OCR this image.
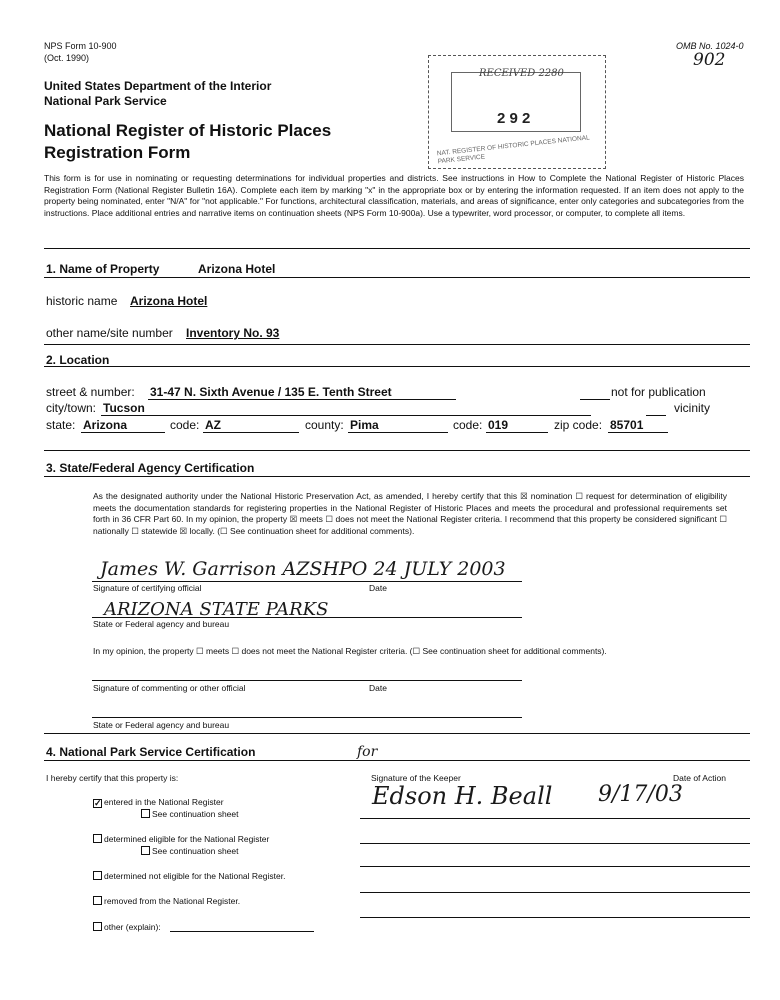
NPS Form 10-900
(Oct. 1990)
OMB No. 1024-0
902
United States Department of the Interior
National Park Service
National Register of Historic Places
Registration Form
RECEIVED 2280
2 9 2
NAT. REGISTER OF HISTORIC PLACES NATIONAL PARK SERVICE
This form is for use in nominating or requesting determinations for individual properties and districts. See instructions in How to Complete the National Register of Historic Places Registration Form (National Register Bulletin 16A). Complete each item by marking "x" in the appropriate box or by entering the information requested. If an item does not apply to the property being nominated, enter "N/A" for "not applicable." For functions, architectural classification, materials, and areas of significance, enter only categories and subcategories from the instructions. Place additional entries and narrative items on continuation sheets (NPS Form 10-900a). Use a typewriter, word processor, or computer, to complete all items.
1. Name of Property	Arizona Hotel
historic name Arizona Hotel
other name/site number Inventory No. 93
2. Location
street & number: 31-47 N. Sixth Avenue / 135 E. Tenth Street	not for publication
city/town: Tucson	vicinity
state: Arizona	code: AZ	county: Pima	code: 019	zip code: 85701
3. State/Federal Agency Certification
As the designated authority under the National Historic Preservation Act, as amended, I hereby certify that this ☒ nomination ☐ request for determination of eligibility meets the documentation standards for registering properties in the National Register of Historic Places and meets the procedural and professional requirements set forth in 36 CFR Part 60. In my opinion, the property ☒ meets ☐ does not meet the National Register criteria. I recommend that this property be considered significant ☐ nationally ☐ statewide ☒ locally. (☐ See continuation sheet for additional comments).
James W. Garrison AZSHPO 24 JULY 2003
Signature of certifying official	Date
ARIZONA STATE PARKS
State or Federal agency and bureau
In my opinion, the property ☐ meets ☐ does not meet the National Register criteria. (☐ See continuation sheet for additional comments).
Signature of commenting or other official	Date
State or Federal agency and bureau
4. National Park Service Certification
I hereby certify that this property is:
for
Signature of the Keeper	Date of Action
Edson H. Beall 9/17/03
✓ entered in the National Register
See continuation sheet
determined eligible for the National Register
See continuation sheet
determined not eligible for the National Register.
removed from the National Register.
other (explain):
